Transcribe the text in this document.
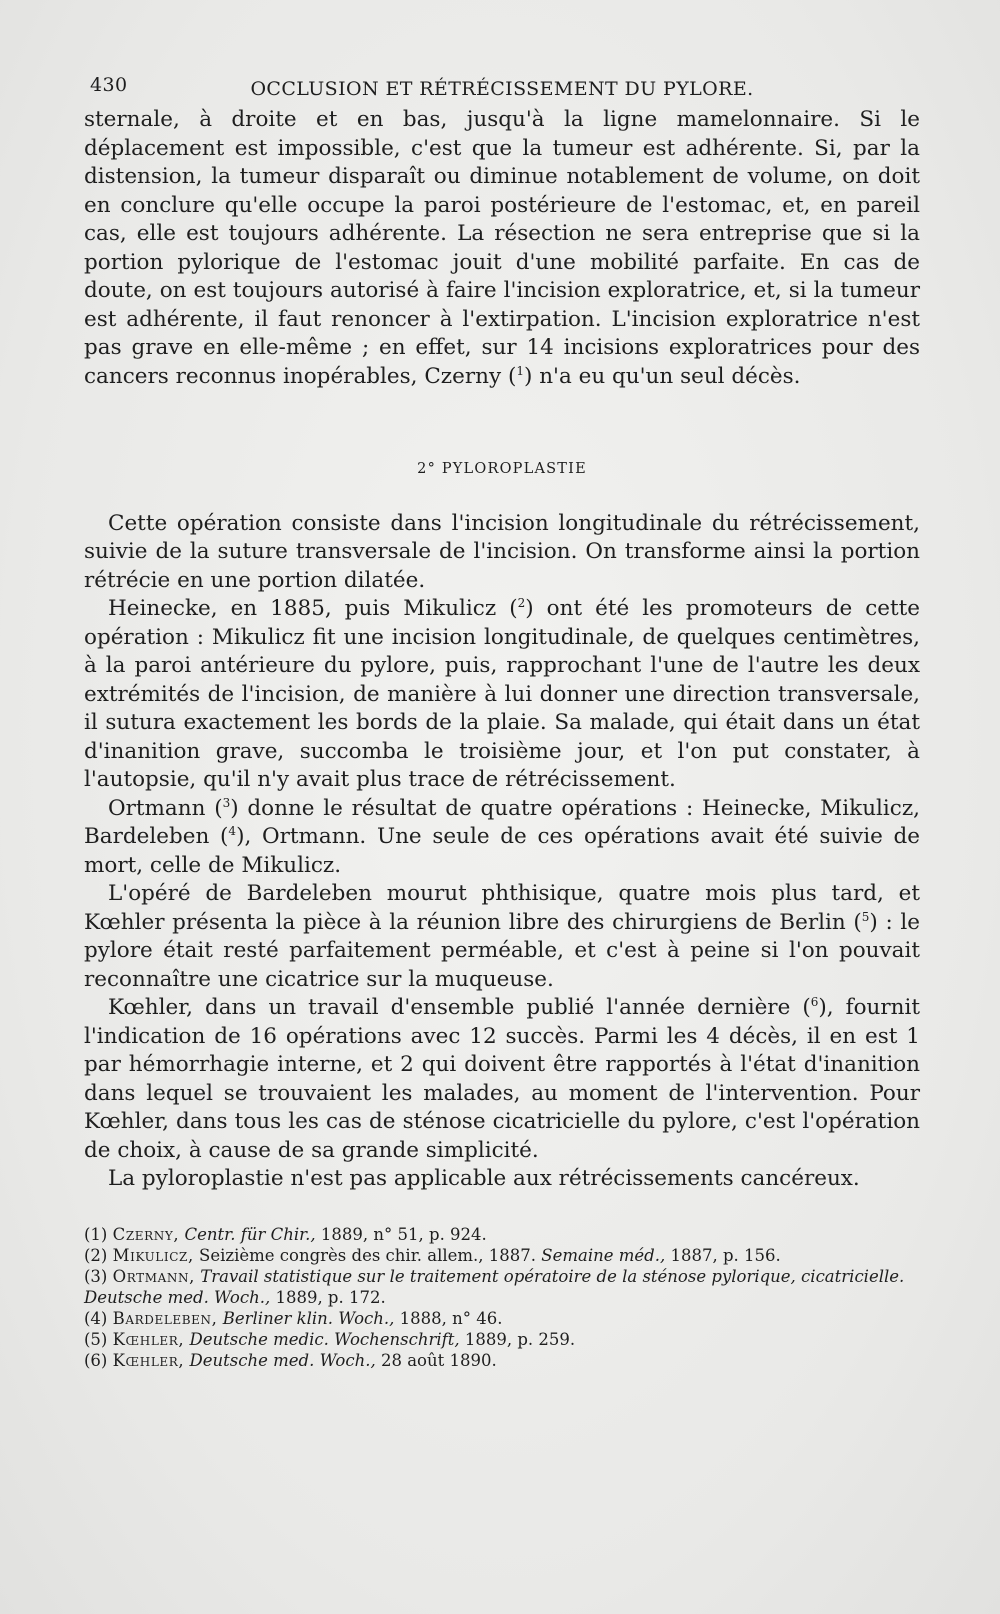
430	OCCLUSION ET RÉTRÉCISSEMENT DU PYLORE.

sternale, à droite et en bas, jusqu'à la ligne mamelonnaire. Si le déplacement est impossible, c'est que la tumeur est adhérente. Si, par la distension, la tumeur disparaît ou diminue notablement de volume, on doit en conclure qu'elle occupe la paroi postérieure de l'estomac, et, en pareil cas, elle est toujours adhérente. La résection ne sera entreprise que si la portion pylorique de l'estomac jouit d'une mobilité parfaite. En cas de doute, on est toujours autorisé à faire l'incision exploratrice, et, si la tumeur est adhérente, il faut renoncer à l'extirpation. L'incision exploratrice n'est pas grave en elle-même ; en effet, sur 14 incisions exploratrices pour des cancers reconnus inopérables, Czerny ($^1$) n'a eu qu'un seul décès.

2° PYLOROPLASTIE

Cette opération consiste dans l'incision longitudinale du rétrécissement, suivie de la suture transversale de l'incision. On transforme ainsi la portion rétrécie en une portion dilatée.

Heinecke, en 1885, puis Mikulicz ($^2$) ont été les promoteurs de cette opération : Mikulicz fit une incision longitudinale, de quelques centimètres, à la paroi antérieure du pylore, puis, rapprochant l'une de l'autre les deux extrémités de l'incision, de manière à lui donner une direction transversale, il sutura exactement les bords de la plaie. Sa malade, qui était dans un état d'inanition grave, succomba le troisième jour, et l'on put constater, à l'autopsie, qu'il n'y avait plus trace de rétrécissement.

Ortmann ($^3$) donne le résultat de quatre opérations : Heinecke, Mikulicz, Bardeleben ($^4$), Ortmann. Une seule de ces opérations avait été suivie de mort, celle de Mikulicz.

L'opéré de Bardeleben mourut phthisique, quatre mois plus tard, et Kœhler présenta la pièce à la réunion libre des chirurgiens de Berlin ($^5$) : le pylore était resté parfaitement perméable, et c'est à peine si l'on pouvait reconnaître une cicatrice sur la muqueuse.

Kœhler, dans un travail d'ensemble publié l'année dernière ($^6$), fournit l'indication de 16 opérations avec 12 succès. Parmi les 4 décès, il en est 1 par hémorrhagie interne, et 2 qui doivent être rapportés à l'état d'inanition dans lequel se trouvaient les malades, au moment de l'intervention. Pour Kœhler, dans tous les cas de sténose cicatricielle du pylore, c'est l'opération de choix, à cause de sa grande simplicité.

La pyloroplastie n'est pas applicable aux rétrécissements cancéreux.

(1) Czerny, Centr. für Chir., 1889, n° 51, p. 924.

(2) Mikulicz, Seizième congrès des chir. allem., 1887. Semaine méd., 1887, p. 156.

(3) Ortmann, Travail statistique sur le traitement opératoire de la sténose pylorique, cicatricielle. Deutsche med. Woch., 1889, p. 172.

(4) Bardeleben, Berliner klin. Woch., 1888, n° 46.

(5) Kœhler, Deutsche medic. Wochenschrift, 1889, p. 259.

(6) Kœhler, Deutsche med. Woch., 28 août 1890.
